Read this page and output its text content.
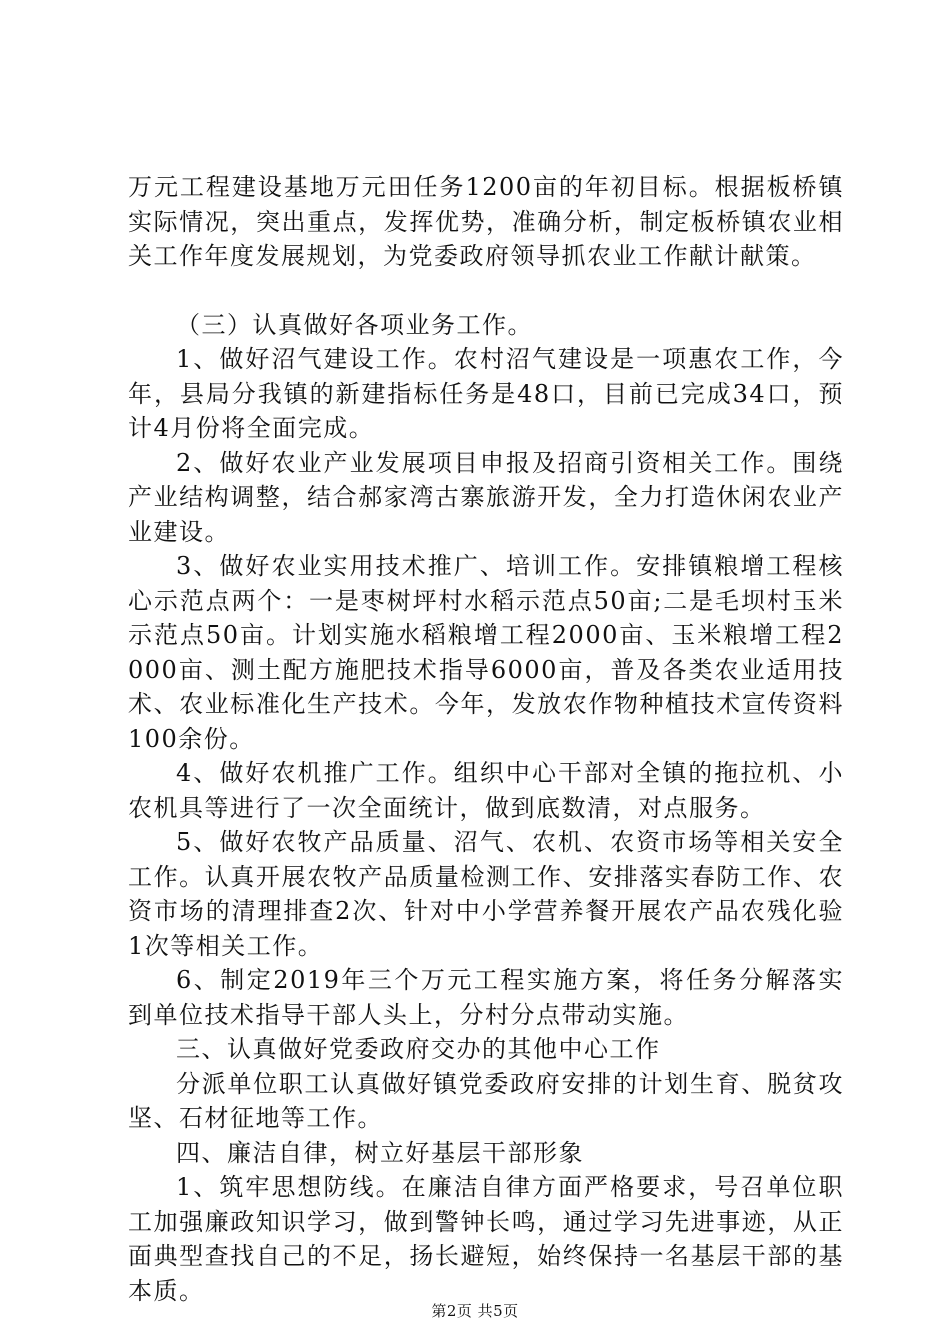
万元工程建设基地万元田任务1200亩的年初目标。根据板桥镇实际情况，突出重点，发挥优势，准确分析，制定板桥镇农业相关工作年度发展规划，为党委政府领导抓农业工作献计献策。

（三）认真做好各项业务工作。

1、做好沼气建设工作。农村沼气建设是一项惠农工作，今年，县局分我镇的新建指标任务是48口，目前已完成34口，预计4月份将全面完成。

2、做好农业产业发展项目申报及招商引资相关工作。围绕产业结构调整，结合郝家湾古寨旅游开发，全力打造休闲农业产业建设。

3、做好农业实用技术推广、培训工作。安排镇粮增工程核心示范点两个：一是枣树坪村水稻示范点50亩;二是毛坝村玉米示范点50亩。计划实施水稻粮增工程2000亩、玉米粮增工程2000亩、测土配方施肥技术指导6000亩，普及各类农业适用技术、农业标准化生产技术。今年，发放农作物种植技术宣传资料100余份。

4、做好农机推广工作。组织中心干部对全镇的拖拉机、小农机具等进行了一次全面统计，做到底数清，对点服务。

5、做好农牧产品质量、沼气、农机、农资市场等相关安全工作。认真开展农牧产品质量检测工作、安排落实春防工作、农资市场的清理排查2次、针对中小学营养餐开展农产品农残化验1次等相关工作。

6、制定2019年三个万元工程实施方案，将任务分解落实到单位技术指导干部人头上，分村分点带动实施。

三、认真做好党委政府交办的其他中心工作

分派单位职工认真做好镇党委政府安排的计划生育、脱贫攻坚、石材征地等工作。

四、廉洁自律，树立好基层干部形象

1、筑牢思想防线。在廉洁自律方面严格要求，号召单位职工加强廉政知识学习，做到警钟长鸣，通过学习先进事迹，从正面典型查找自己的不足，扬长避短，始终保持一名基层干部的基本质。

第2页 共5页
